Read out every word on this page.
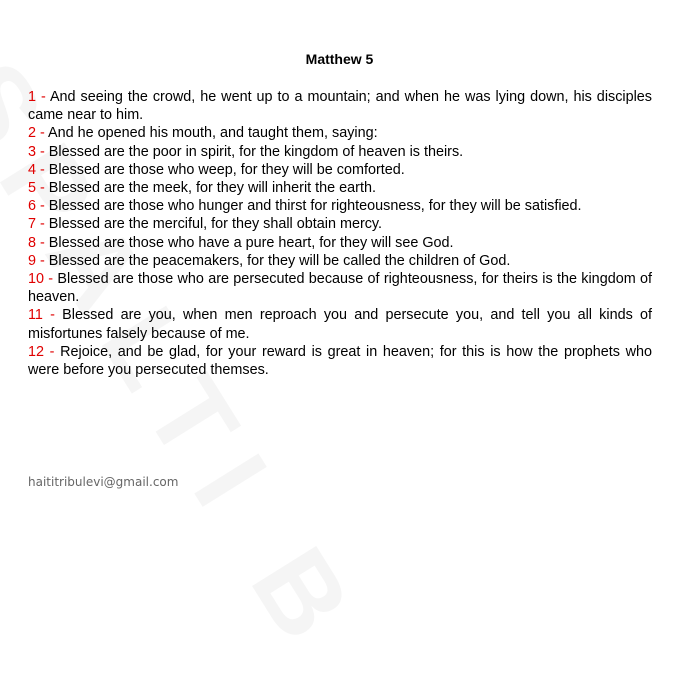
Matthew 5

1 - And seeing the crowd, he went up to a mountain; and when he was lying down, his disciples came near to him.

2 - And he opened his mouth, and taught them, saying:

3 - Blessed are the poor in spirit, for the kingdom of heaven is theirs.

4 - Blessed are those who weep, for they will be comforted.

5 - Blessed are the meek, for they will inherit the earth.

6 - Blessed are those who hunger and thirst for righteousness, for they will be satisfied.

7 - Blessed are the merciful, for they shall obtain mercy.

8 - Blessed are those who have a pure heart, for they will see God.

9 - Blessed are the peacemakers, for they will be called the children of God.

10 - Blessed are those who are persecuted because of righteousness, for theirs is the kingdom of heaven.

11 - Blessed are you, when men reproach you and persecute you, and tell you all kinds of misfortunes falsely because of me.

12 - Rejoice, and be glad, for your reward is great in heaven; for this is how the prophets who were before you persecuted themses.

haititribulevi@gmail.com
